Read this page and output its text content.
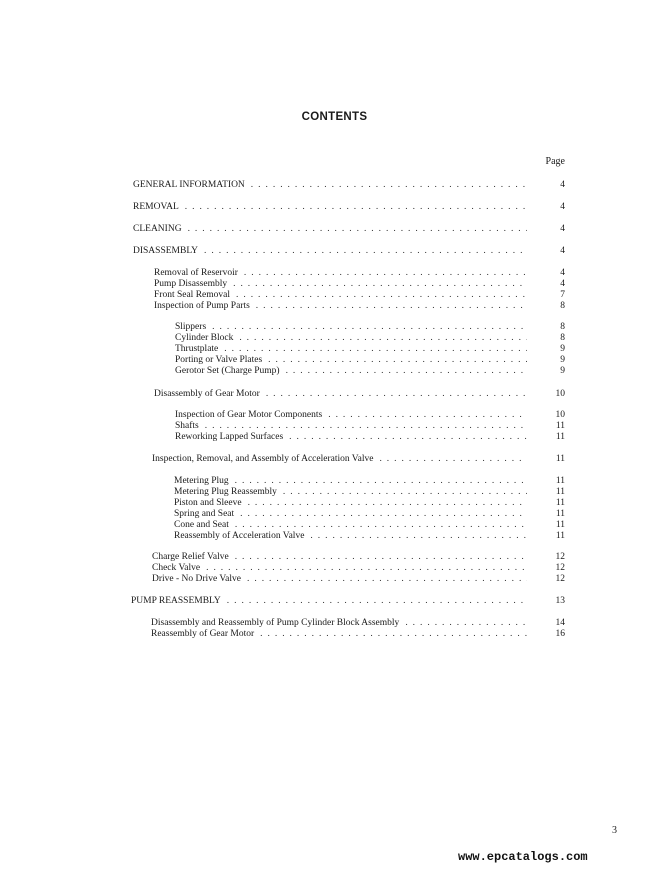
CONTENTS
Page
GENERAL INFORMATION . . .	4
REMOVAL . . .	4
CLEANING . . .	4
DISASSEMBLY . . .	4
Removal of Reservoir . . .	4
Pump Disassembly . . .	4
Front Seal Removal . . .	7
Inspection of Pump Parts . . .	8
Slippers . . .	8
Cylinder Block . . .	8
Thrustplate . . .	9
Porting or Valve Plates . . .	9
Gerotor Set (Charge Pump) . . .	9
Disassembly of Gear Motor . . .	10
Inspection of Gear Motor Components . . .	10
Shafts . . .	11
Reworking Lapped Surfaces . . .	11
Inspection, Removal, and Assembly of Acceleration Valve . . .	11
Metering Plug . . .	11
Metering Plug Reassembly . . .	11
Piston and Sleeve . . .	11
Spring and Seat . . .	11
Cone and Seat . . .	11
Reassembly of Acceleration Valve . . .	11
Charge Relief Valve . . .	12
Check Valve . . .	12
Drive - No Drive Valve . . .	12
PUMP REASSEMBLY . . .	13
Disassembly and Reassembly of Pump Cylinder Block Assembly . . .	14
Reassembly of Gear Motor . . .	16
3
www.epcatalogs.com
